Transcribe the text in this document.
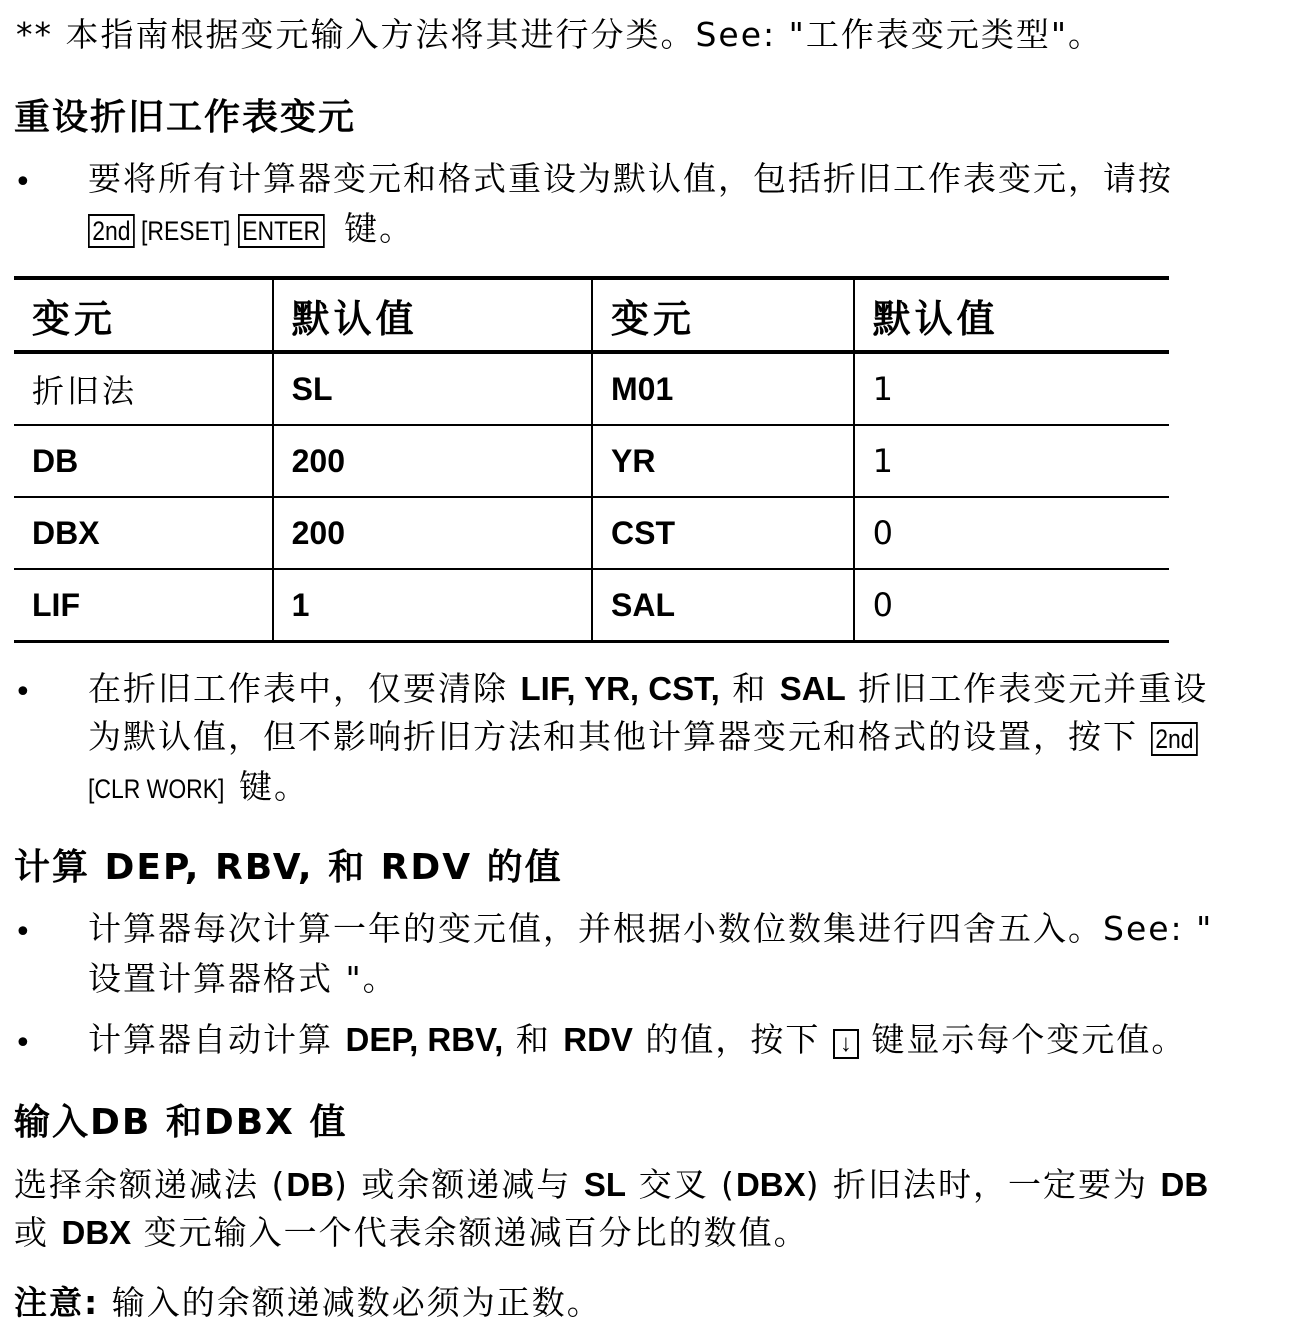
** 本指南根据变元输入方法将其进行分类。See: "工作表变元类型"。

重设折旧工作表变元

• 要将所有计算器变元和格式重设为默认值，包括折旧工作表变元，请按

2nd [RESET] ENTER 键。

变元	默认值	变元	默认值
折旧法	SL	M01	1
DB	200	YR	1
DBX	200	CST	0
LIF	1	SAL	0
• 在折旧工作表中，仅要清除 LIF, YR, CST, 和 SAL 折旧工作表变元并重设

为默认值，但不影响折旧方法和其他计算器变元和格式的设置，按下 2nd

[CLR WORK] 键。

计算 DEP, RBV, 和 RDV 的值

• 计算器每次计算一年的变元值，并根据小数位数集进行四舍五入。See: "

设置计算器格式 "。

• 计算器自动计算 DEP, RBV, 和 RDV 的值，按下 ↓ 键显示每个变元值。

输入DB 和DBX 值

选择余额递减法 (DB) 或余额递减与 SL 交叉 (DBX) 折旧法时，一定要为 DB

或 DBX 变元输入一个代表余额递减百分比的数值。

注意: 输入的余额递减数必须为正数。
